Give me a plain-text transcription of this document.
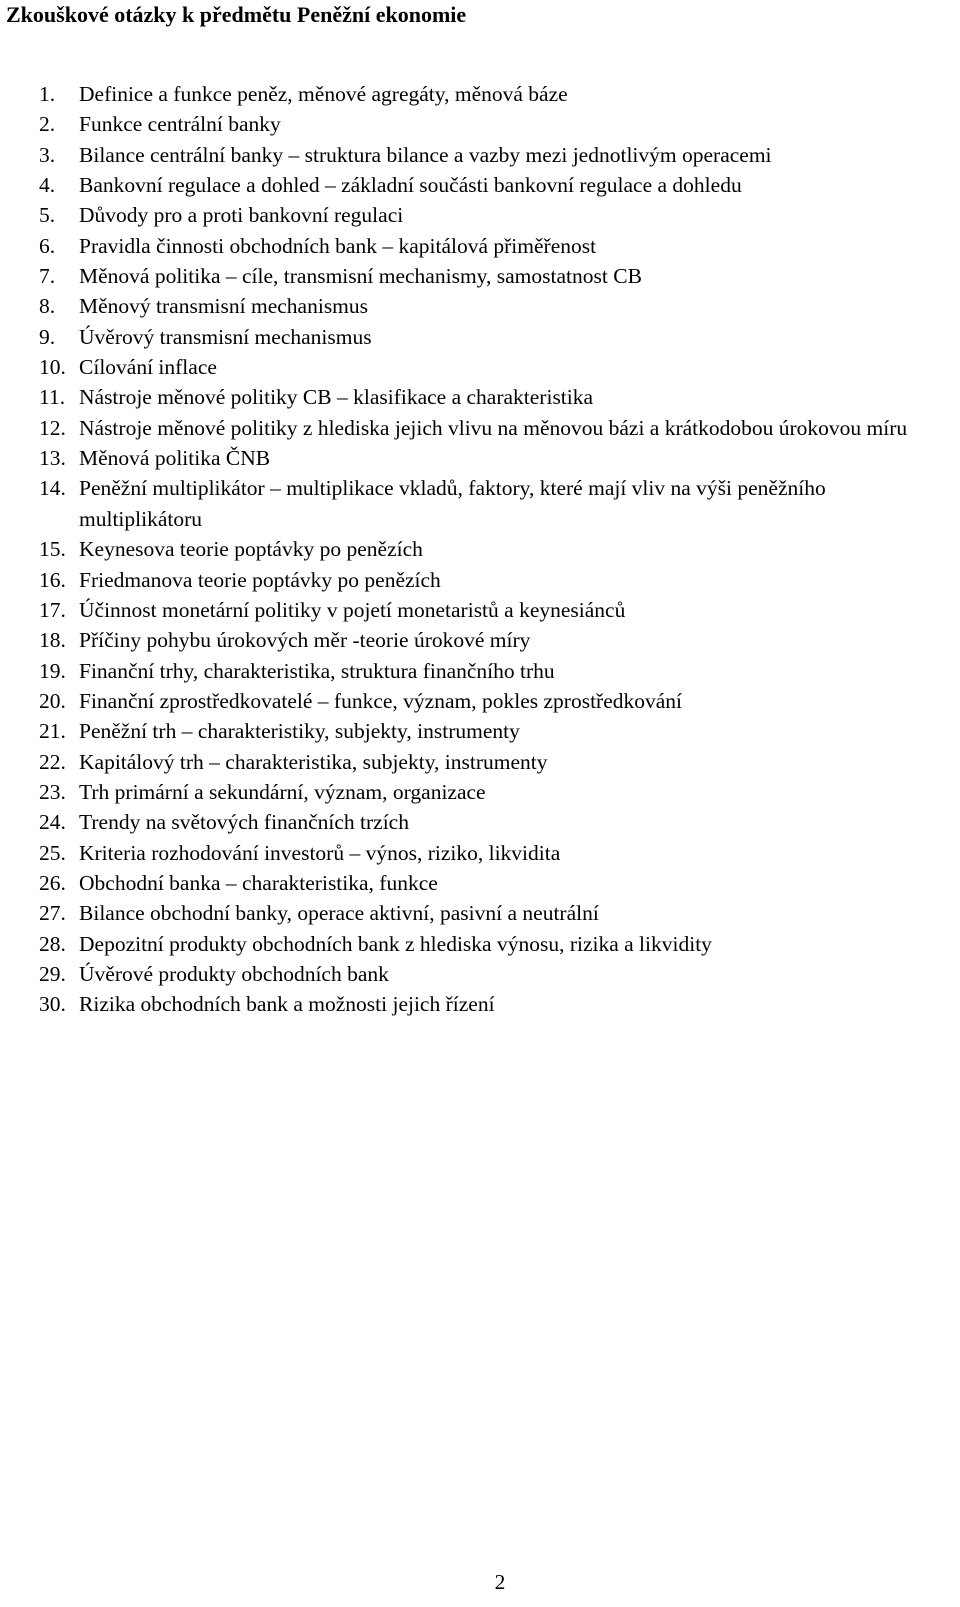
Zkouškové otázky k předmětu Peněžní ekonomie
1.	Definice a funkce peněz, měnové agregáty, měnová báze
2.	Funkce centrální banky
3.	Bilance centrální banky – struktura bilance a vazby mezi jednotlivým operacemi
4.	Bankovní regulace a dohled – základní součásti bankovní regulace a dohledu
5.	Důvody pro a proti bankovní regulaci
6.	Pravidla činnosti obchodních bank – kapitálová přiměřenost
7.	Měnová politika – cíle, transmisní mechanismy, samostatnost CB
8.	Měnový transmisní mechanismus
9.	Úvěrový transmisní mechanismus
10. Cílování inflace
11. Nástroje měnové politiky CB – klasifikace a charakteristika
12. Nástroje měnové politiky z hlediska jejich vlivu na měnovou bázi a krátkodobou úrokovou míru
13. Měnová politika ČNB
14. Peněžní multiplikátor – multiplikace vkladů, faktory, které mají vliv na výši peněžního multiplikátoru
15. Keynesova teorie poptávky po penězích
16. Friedmanova teorie poptávky po penězích
17. Účinnost monetární politiky v pojetí monetaristů a keynesiánců
18. Příčiny pohybu úrokových měr -teorie úrokové míry
19. Finanční trhy, charakteristika, struktura finančního trhu
20. Finanční zprostředkovatelé – funkce, význam, pokles zprostředkování
21. Peněžní trh – charakteristiky, subjekty, instrumenty
22. Kapitálový trh – charakteristika, subjekty, instrumenty
23. Trh primární a sekundární, význam, organizace
24. Trendy na světových finančních trzích
25. Kriteria rozhodování investorů – výnos, riziko, likvidita
26. Obchodní banka – charakteristika, funkce
27. Bilance obchodní banky, operace aktivní, pasivní a neutrální
28. Depozitní produkty obchodních bank z hlediska výnosu, rizika a likvidity
29. Úvěrové produkty obchodních bank
30. Rizika obchodních bank a možnosti jejich řízení
2
